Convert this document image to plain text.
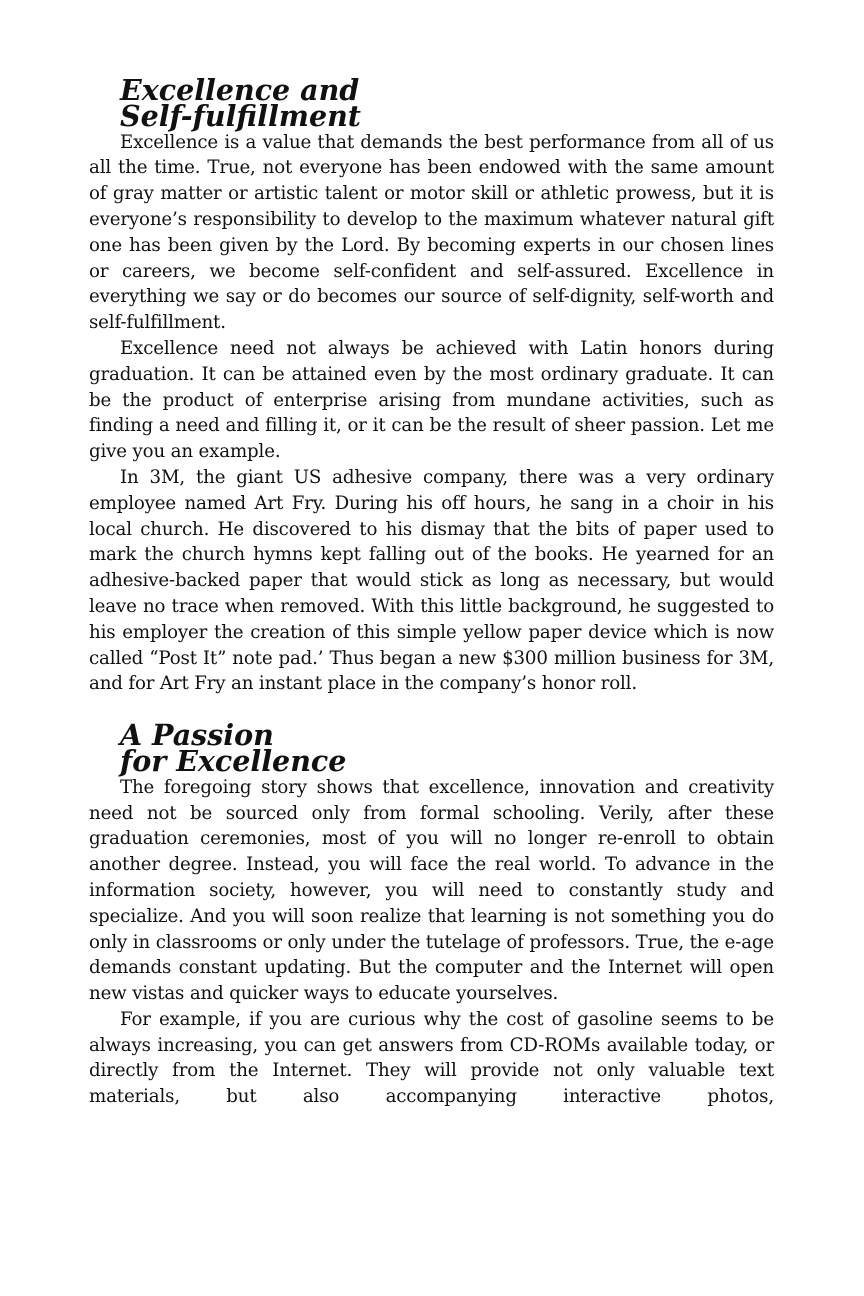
Excellence and
Self-fulfillment

Excellence is a value that demands the best performance from all of us all the time. True, not everyone has been endowed with the same amount of gray matter or artistic talent or motor skill or athletic prowess, but it is everyone’s responsibility to develop to the maximum whatever natural gift one has been given by the Lord. By becoming experts in our chosen lines or careers, we become self-confident and self-assured. Excellence in everything we say or do becomes our source of self-dignity, self-worth and self-fulfillment.

Excellence need not always be achieved with Latin honors during graduation. It can be attained even by the most ordinary graduate. It can be the product of enterprise arising from mundane activities, such as finding a need and filling it, or it can be the result of sheer passion. Let me give you an example.

In 3M, the giant US adhesive company, there was a very ordinary employee named Art Fry. During his off hours, he sang in a choir in his local church. He discovered to his dismay that the bits of paper used to mark the church hymns kept falling out of the books. He yearned for an adhesive-backed paper that would stick as long as necessary, but would leave no trace when removed. With this little background, he suggested to his employer the creation of this simple yellow paper device which is now called “Post It” note pad.’ Thus began a new $300 million business for 3M, and for Art Fry an instant place in the company’s honor roll.

A Passion
for Excellence

The foregoing story shows that excellence, innovation and creativity need not be sourced only from formal schooling. Verily, after these graduation ceremonies, most of you will no longer re-enroll to obtain another degree. Instead, you will face the real world. To advance in the information society, however, you will need to constantly study and specialize. And you will soon realize that learning is not something you do only in classrooms or only under the tutelage of professors. True, the e-age demands constant updating. But the computer and the Internet will open new vistas and quicker ways to educate yourselves.

For example, if you are curious why the cost of gasoline seems to be always increasing, you can get answers from CD-ROMs available today, or directly from the Internet. They will provide not only valuable text materials, but also accompanying interactive photos,
